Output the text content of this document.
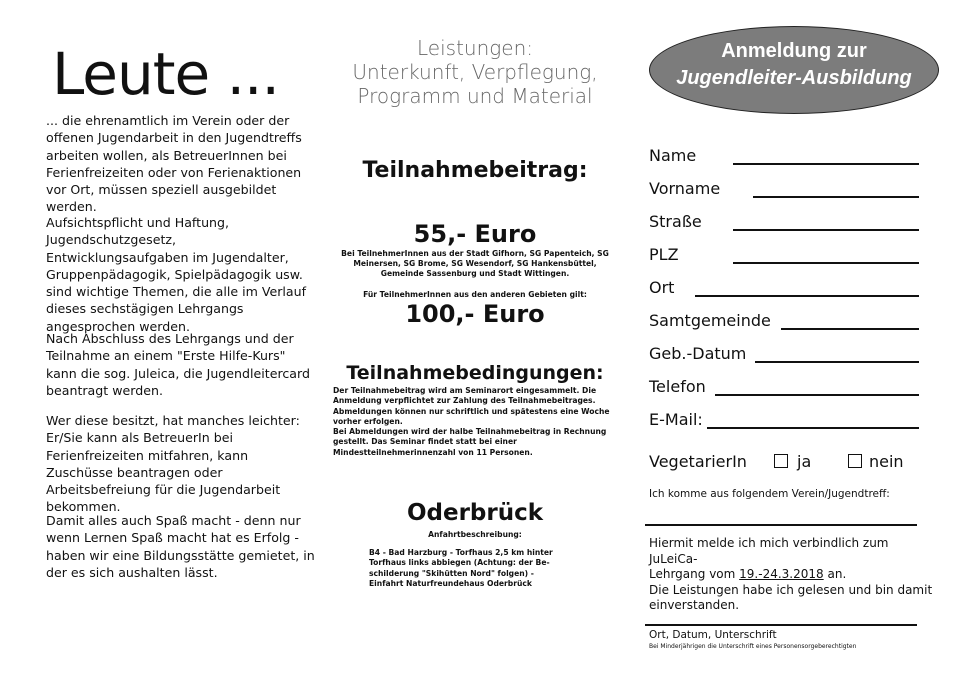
Leute ...

... die ehrenamtlich im Verein oder der offenen Jugendarbeit in den Jugendtreffs arbeiten wollen, als BetreuerInnen bei Ferienfreizeiten oder von Ferienaktionen vor Ort, müssen speziell ausgebildet werden.

Aufsichtspflicht und Haftung, Jugendschutzgesetz, Entwicklungsaufgaben im Jugendalter, Gruppenpädagogik, Spielpädagogik usw. sind wichtige Themen, die alle im Verlauf dieses sechstägigen Lehrgangs angesprochen werden.

Nach Abschluss des Lehrgangs und der Teilnahme an einem "Erste Hilfe-Kurs" kann die sog. Juleica, die Jugendleitercard beantragt werden.

Wer diese besitzt, hat manches leichter: Er/Sie kann als BetreuerIn bei Ferienfreizeiten mitfahren, kann Zuschüsse beantragen oder Arbeitsbefreiung für die Jugendarbeit bekommen.

Damit alles auch Spaß macht - denn nur wenn Lernen Spaß macht hat es Erfolg - haben wir eine Bildungsstätte gemietet, in der es sich aushalten lässt.

Leistungen:
Unterkunft, Verpflegung,
Programm und Material
Teilnahmebeitrag:
55,- Euro

Bei TeilnehmerInnen aus der Stadt Gifhorn, SG Papenteich, SG Meinersen, SG Brome, SG Wesendorf, SG Hankensbüttel, Gemeinde Sassenburg und Stadt Wittingen.

Für TeilnehmerInnen aus den anderen Gebieten gilt:
100,- Euro
Teilnahmebedingungen:
Der Teilnahmebeitrag wird am Seminarort eingesammelt. Die
Anmeldung verpflichtet zur Zahlung des Teilnahmebeitrages.
Abmeldungen können nur schriftlich und spätestens eine Woche
vorher erfolgen.
Bei Abmeldungen wird der halbe Teilnahmebeitrag in Rechnung
gestellt. Das Seminar findet statt bei einer
Mindestteilnehmerinnenzahl von 11 Personen.
Oderbrück
Anfahrtbeschreibung:
B4 - Bad Harzburg - Torfhaus 2,5 km hinter
Torfhaus links abbiegen (Achtung: der Be-
schilderung "Skihütten Nord" folgen) -
Einfahrt Naturfreundehaus Oderbrück
Anmeldung zur
Jugendleiter-Ausbildung
Name
Vorname
Straße
PLZ
Ort
Samtgemeinde
Geb.-Datum
Telefon
E-Mail:
VegetarierIn	ja	nein
Ich komme aus folgendem Verein/Jugendtreff:
Hiermit melde ich mich verbindlich zum JuLeiCa-
Lehrgang vom 19.-24.3.2018 an.
Die Leistungen habe ich gelesen und bin damit
einverstanden.
Ort, Datum, Unterschrift
Bei Minderjährigen die Unterschrift eines Personensorgeberechtigten
